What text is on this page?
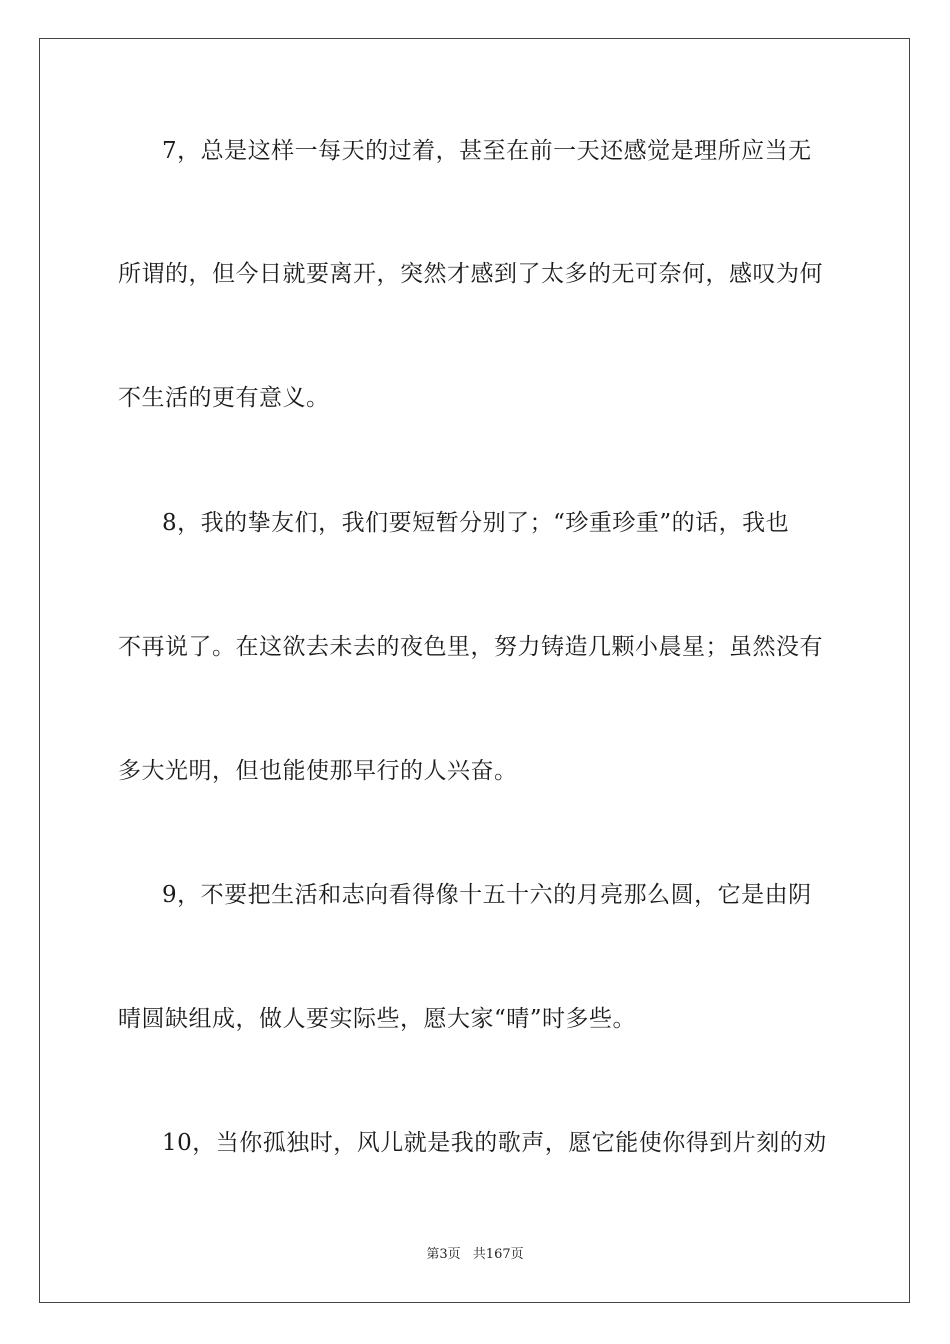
7，总是这样一每天的过着，甚至在前一天还感觉是理所应当无
所谓的，但今日就要离开，突然才感到了太多的无可奈何，感叹为何
不生活的更有意义。
8，我的挚友们，我们要短暂分别了；“珍重珍重”的话，我也
不再说了。在这欲去未去的夜色里，努力铸造几颗小晨星；虽然没有
多大光明，但也能使那早行的人兴奋。
9，不要把生活和志向看得像十五十六的月亮那么圆，它是由阴
晴圆缺组成，做人要实际些，愿大家“晴”时多些。
10，当你孤独时，风儿就是我的歌声，愿它能使你得到片刻的劝
第3页 共167页
